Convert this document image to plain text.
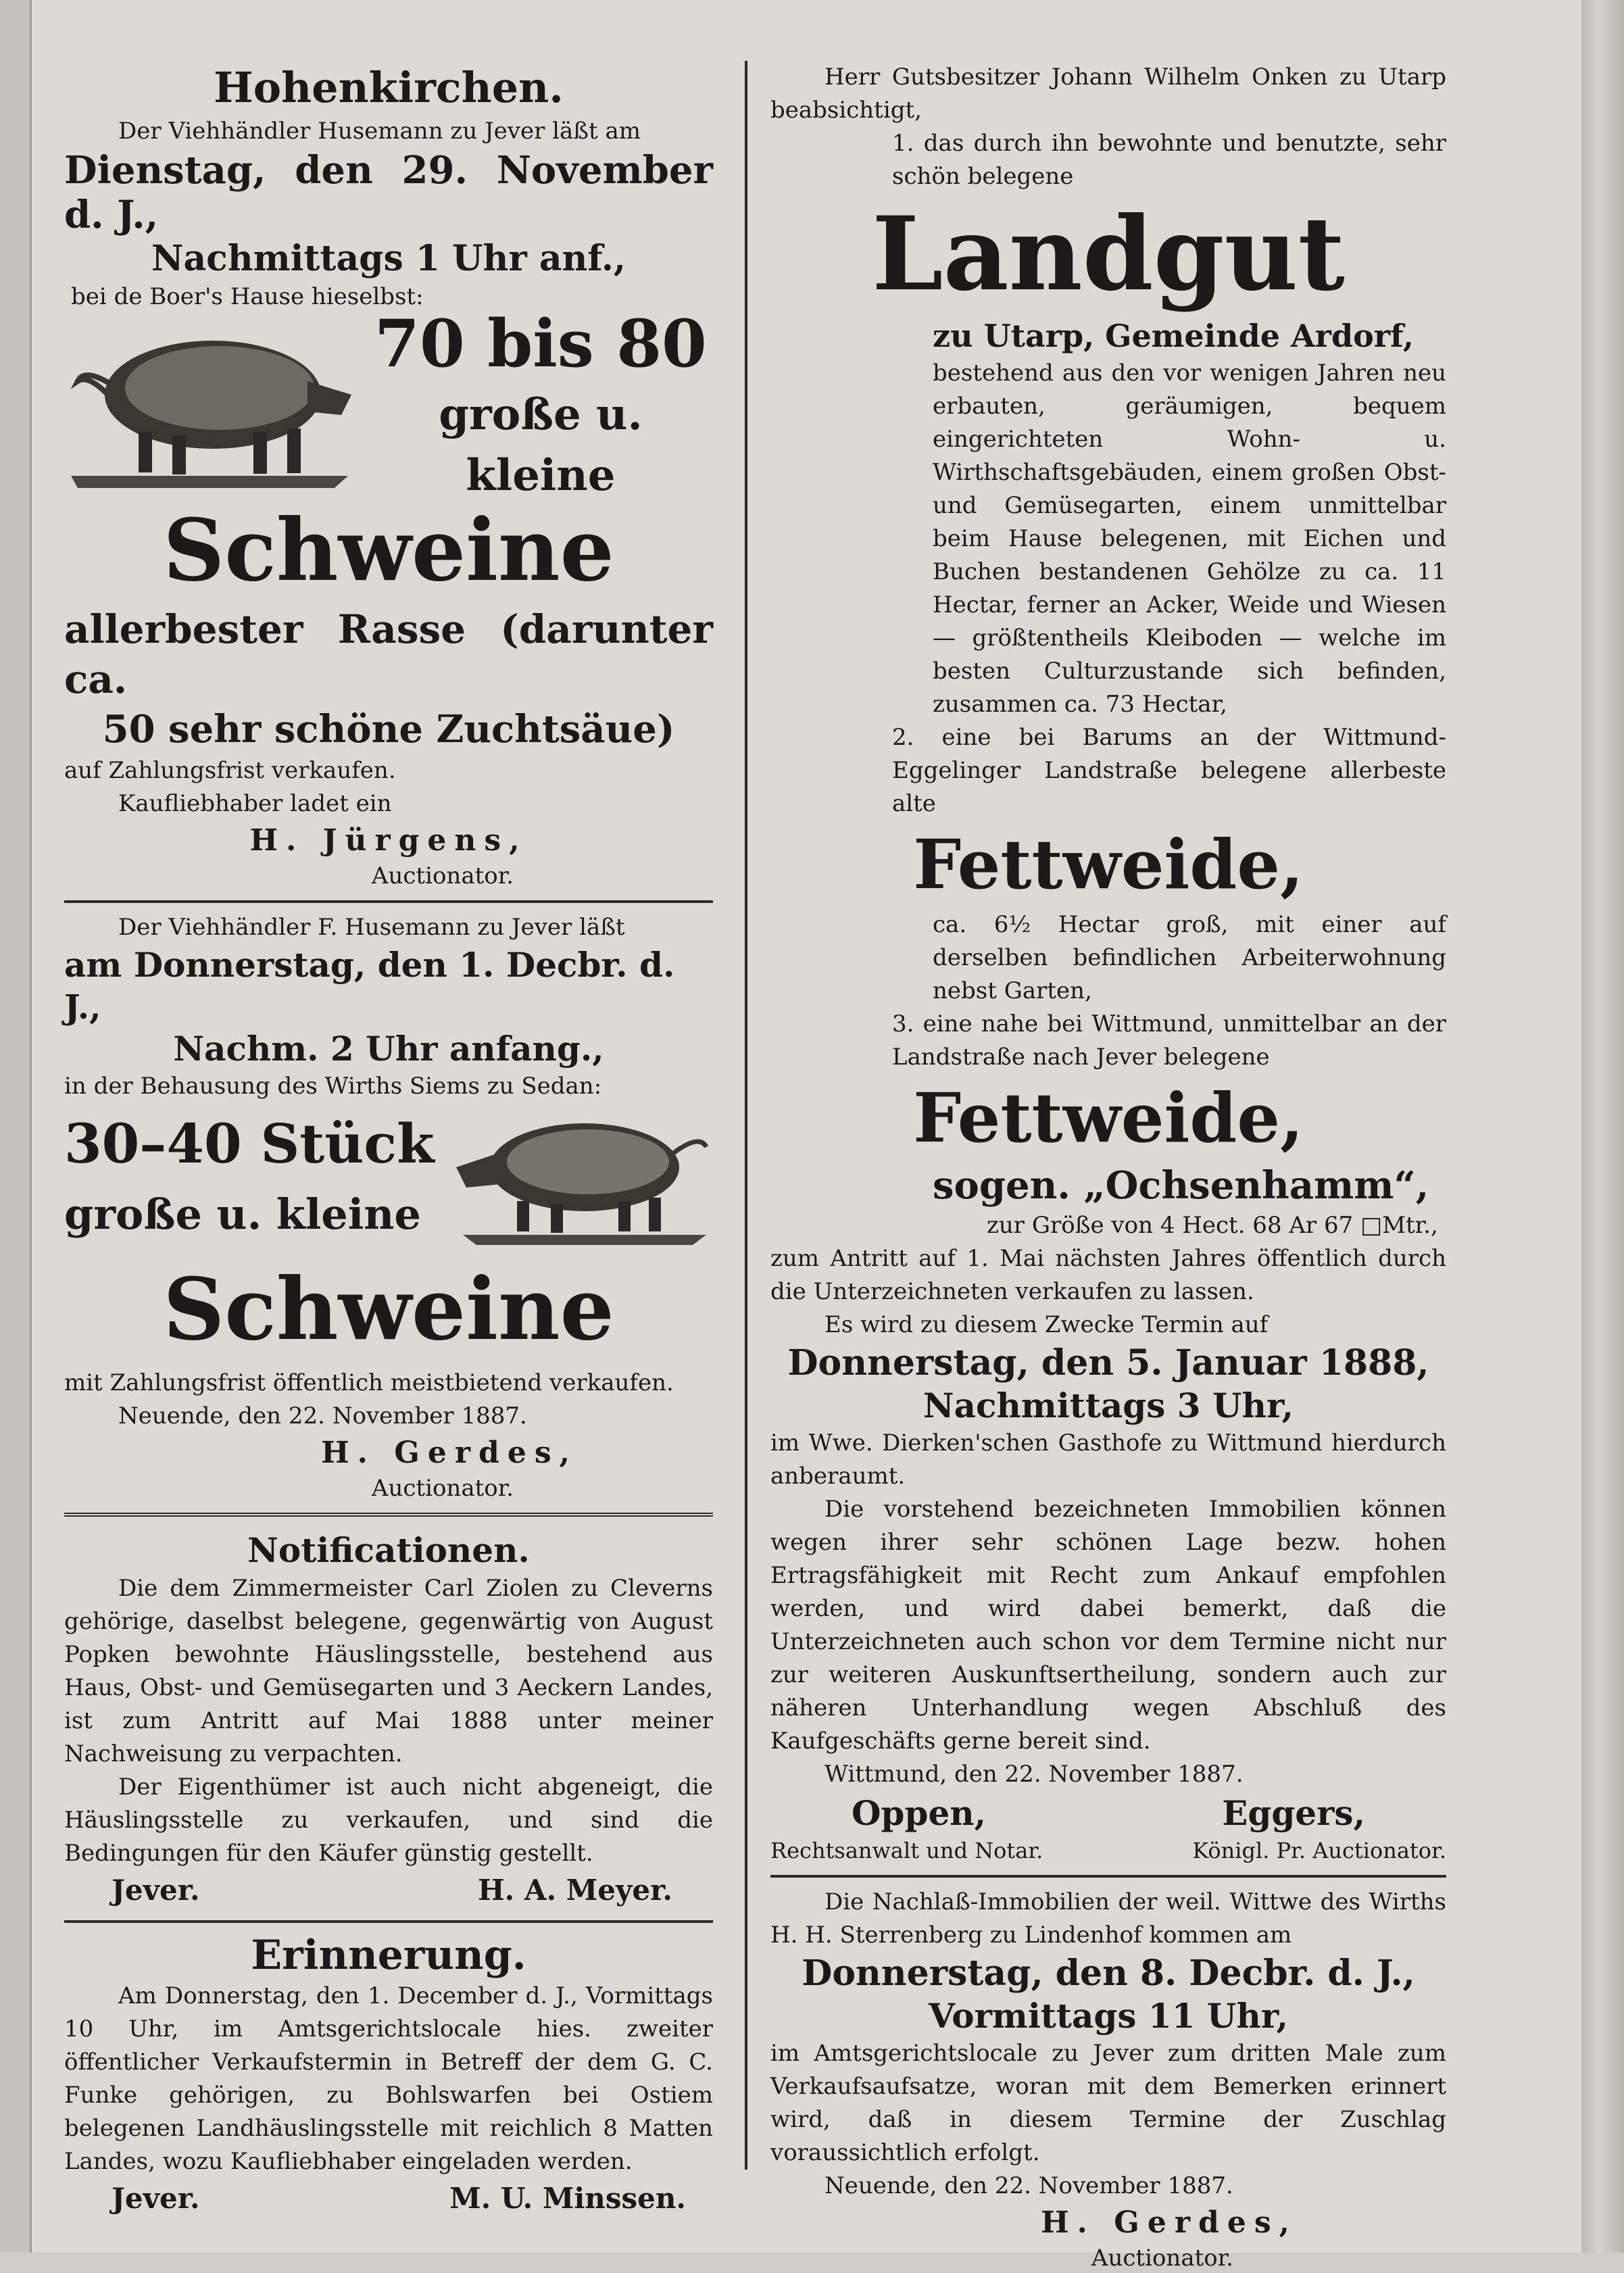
Hohenkirchen.

Der Viehhändler Husemann zu Jever läßt am

Dienstag, den 29. November d. J.,
Nachmittags 1 Uhr anf.,

bei de Boer's Hause hieselbst:

70 bis 80
große u. kleine
Schweine
allerbester Rasse (darunter ca.
50 sehr schöne Zuchtsäue)

auf Zahlungsfrist verkaufen.

Kaufliebhaber ladet ein

H. Jürgens,
Auctionator.

Der Viehhändler F. Husemann zu Jever läßt

am Donnerstag, den 1. Decbr. d. J.,
Nachm. 2 Uhr anfang.,

in der Behausung des Wirths Siems zu Sedan:

30–40 Stück
große u. kleine
Schweine

mit Zahlungsfrist öffentlich meistbietend verkaufen.

Neuende, den 22. November 1887.

H. Gerdes,
Auctionator.
Notificationen.

Die dem Zimmermeister Carl Ziolen zu Cleverns gehörige, daselbst belegene, gegenwärtig von August Popken bewohnte Häuslingsstelle, bestehend aus Haus, Obst- und Gemüsegarten und 3 Aeckern Landes, ist zum Antritt auf Mai 1888 unter meiner Nachweisung zu verpachten.

Der Eigenthümer ist auch nicht abgeneigt, die Häuslingsstelle zu verkaufen, und sind die Bedingungen für den Käufer günstig gestellt.

Jever.	H. A. Meyer.
Erinnerung.

Am Donnerstag, den 1. December d. J., Vormittags 10 Uhr, im Amtsgerichtslocale hies. zweiter öffentlicher Verkaufstermin in Betreff der dem G. C. Funke gehörigen, zu Bohlswarfen bei Ostiem belegenen Landhäuslingsstelle mit reichlich 8 Matten Landes, wozu Kaufliebhaber eingeladen werden.

Jever.	M. U. Minssen.

Herr Gutsbesitzer Johann Wilhelm Onken zu Utarp beabsichtigt,

1. das durch ihn bewohnte und benutzte, sehr schön belegene

Landgut
zu Utarp, Gemeinde Ardorf,

bestehend aus den vor wenigen Jahren neu erbauten, geräumigen, bequem eingerichteten Wohn- u. Wirthschaftsgebäuden, einem großen Obst- und Gemüsegarten, einem unmittelbar beim Hause belegenen, mit Eichen und Buchen bestandenen Gehölze zu ca. 11 Hectar, ferner an Acker, Weide und Wiesen — größtentheils Kleiboden — welche im besten Culturzustande sich befinden, zusammen ca. 73 Hectar,

2. eine bei Barums an der Wittmund-Eggelinger Landstraße belegene allerbeste alte

Fettweide,

ca. 6½ Hectar groß, mit einer auf derselben befindlichen Arbeiterwohnung nebst Garten,

3. eine nahe bei Wittmund, unmittelbar an der Landstraße nach Jever belegene

Fettweide,
sogen. „Ochsenhamm“,

zur Größe von 4 Hect. 68 Ar 67 □Mtr.,

zum Antritt auf 1. Mai nächsten Jahres öffentlich durch die Unterzeichneten verkaufen zu lassen.

Es wird zu diesem Zwecke Termin auf

Donnerstag, den 5. Januar 1888,
Nachmittags 3 Uhr,

im Wwe. Dierken'schen Gasthofe zu Wittmund hierdurch anberaumt.

Die vorstehend bezeichneten Immobilien können wegen ihrer sehr schönen Lage bezw. hohen Ertragsfähigkeit mit Recht zum Ankauf empfohlen werden, und wird dabei bemerkt, daß die Unterzeichneten auch schon vor dem Termine nicht nur zur weiteren Auskunftsertheilung, sondern auch zur näheren Unterhandlung wegen Abschluß des Kaufgeschäfts gerne bereit sind.

Wittmund, den 22. November 1887.

Oppen,	Eggers,
Rechtsanwalt und Notar.	Königl. Pr. Auctionator.

Die Nachlaß-Immobilien der weil. Wittwe des Wirths H. H. Sterrenberg zu Lindenhof kommen am

Donnerstag, den 8. Decbr. d. J.,
Vormittags 11 Uhr,

im Amtsgerichtslocale zu Jever zum dritten Male zum Verkaufsaufsatze, woran mit dem Bemerken erinnert wird, daß in diesem Termine der Zuschlag voraussichtlich erfolgt.

Neuende, den 22. November 1887.

H. Gerdes,
Auctionator.
